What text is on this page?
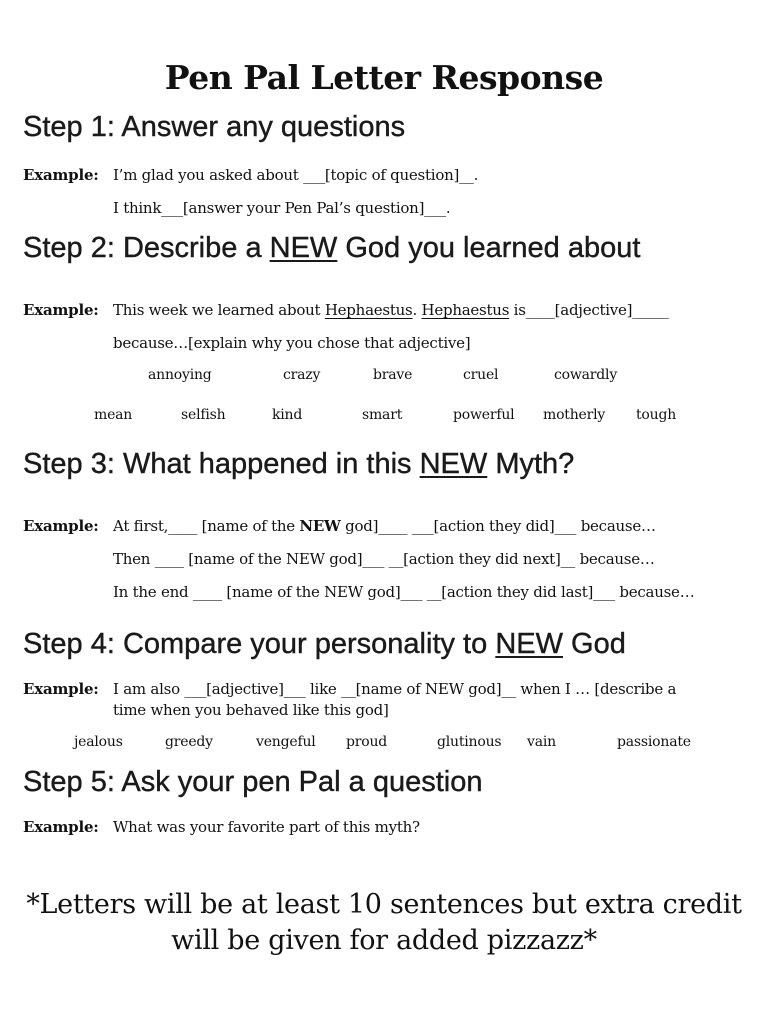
Pen Pal Letter Response
Step 1: Answer any questions
Example: I’m glad you asked about ___[topic of question]__.
I think___[answer your Pen Pal’s question]___.
Step 2: Describe a NEW God you learned about
Example: This week we learned about Hephaestus. Hephaestus is____[adjective]_____
because…[explain why you chose that adjective]
annoying	crazy	brave	cruel	cowardly
mean	selfish	kind	smart	powerful motherly tough
Step 3: What happened in this NEW Myth?
Example: At first,____ [name of the NEW god]____ ___[action they did]___ because…
Then ____ [name of the NEW god]___ __[action they did next]__ because…
In the end ____ [name of the NEW god]___ __[action they did last]___ because…
Step 4: Compare your personality to NEW God
Example: I am also ___[adjective]___ like __[name of NEW god]__ when I … [describe a
time when you behaved like this god]
jealous	greedy	vengeful proud	glutinous vain	passionate
Step 5: Ask your pen Pal a question
Example: What was your favorite part of this myth?
*Letters will be at least 10 sentences but extra credit
will be given for added pizzazz*
